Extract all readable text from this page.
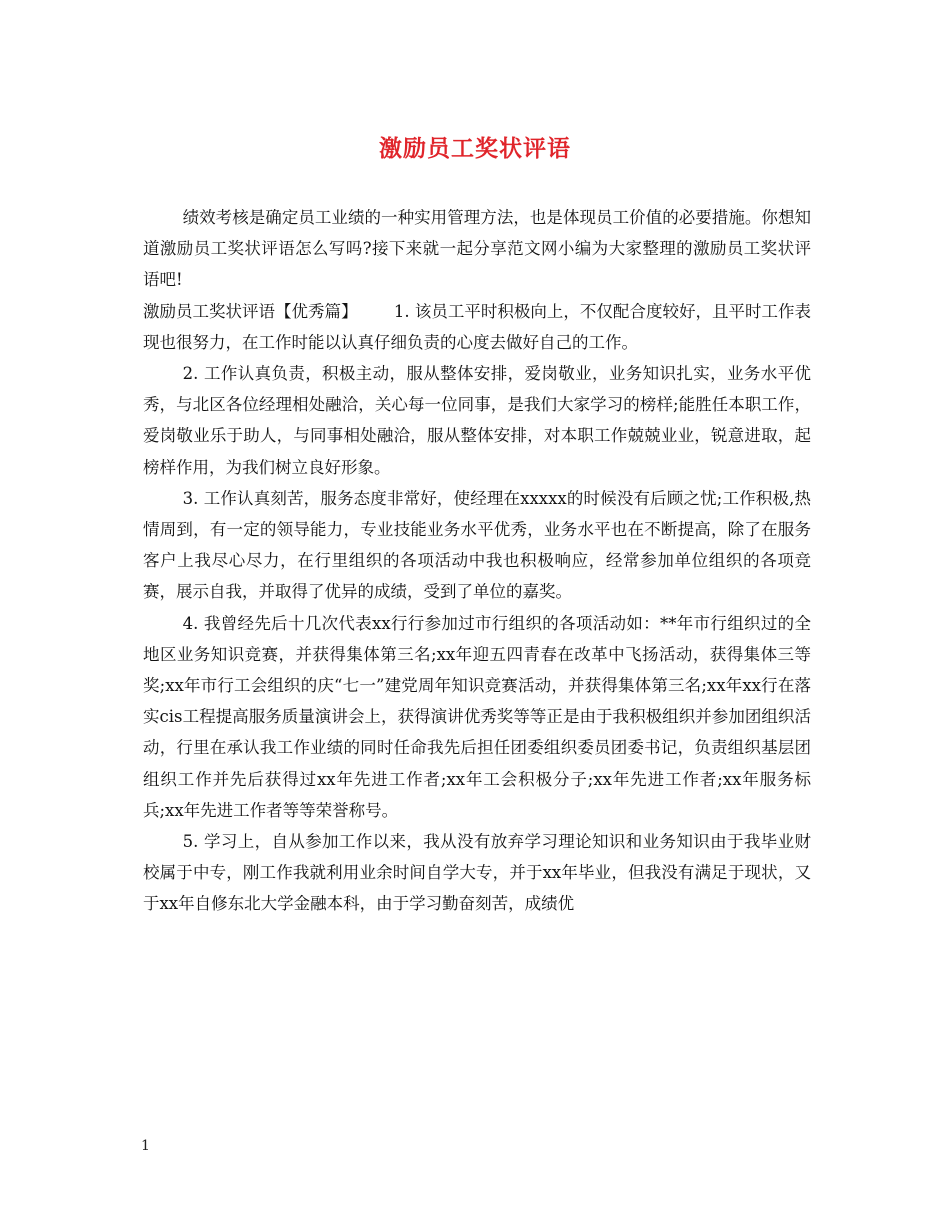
激励员工奖状评语

绩效考核是确定员工业绩的一种实用管理方法，也是体现员工价值的必要措施。你想知道激励员工奖状评语怎么写吗?接下来就一起分享范文网小编为大家整理的激励员工奖状评语吧!

激励员工奖状评语【优秀篇】 1. 该员工平时积极向上，不仅配合度较好，且平时工作表现也很努力，在工作时能以认真仔细负责的心度去做好自己的工作。

2. 工作认真负责，积极主动，服从整体安排，爱岗敬业，业务知识扎实，业务水平优秀，与北区各位经理相处融洽，关心每一位同事，是我们大家学习的榜样;能胜任本职工作，爱岗敬业乐于助人，与同事相处融洽，服从整体安排，对本职工作兢兢业业，锐意进取，起榜样作用，为我们树立良好形象。

3. 工作认真刻苦，服务态度非常好，使经理在xxxxx的时候没有后顾之忧;工作积极,热情周到，有一定的领导能力，专业技能业务水平优秀，业务水平也在不断提高，除了在服务客户上我尽心尽力，在行里组织的各项活动中我也积极响应，经常参加单位组织的各项竞赛，展示自我，并取得了优异的成绩，受到了单位的嘉奖。

4. 我曾经先后十几次代表xx行行参加过市行组织的各项活动如：**年市行组织过的全地区业务知识竞赛，并获得集体第三名;xx年迎五四青春在改革中飞扬活动，获得集体三等奖;xx年市行工会组织的庆“七一”建党周年知识竞赛活动，并获得集体第三名;xx年xx行在落实cis工程提高服务质量演讲会上，获得演讲优秀奖等等正是由于我积极组织并参加团组织活动，行里在承认我工作业绩的同时任命我先后担任团委组织委员团委书记，负责组织基层团组织工作并先后获得过xx年先进工作者;xx年工会积极分子;xx年先进工作者;xx年服务标兵;xx年先进工作者等等荣誉称号。

5. 学习上，自从参加工作以来，我从没有放弃学习理论知识和业务知识由于我毕业财校属于中专，刚工作我就利用业余时间自学大专，并于xx年毕业，但我没有满足于现状，又于xx年自修东北大学金融本科，由于学习勤奋刻苦，成绩优

1
